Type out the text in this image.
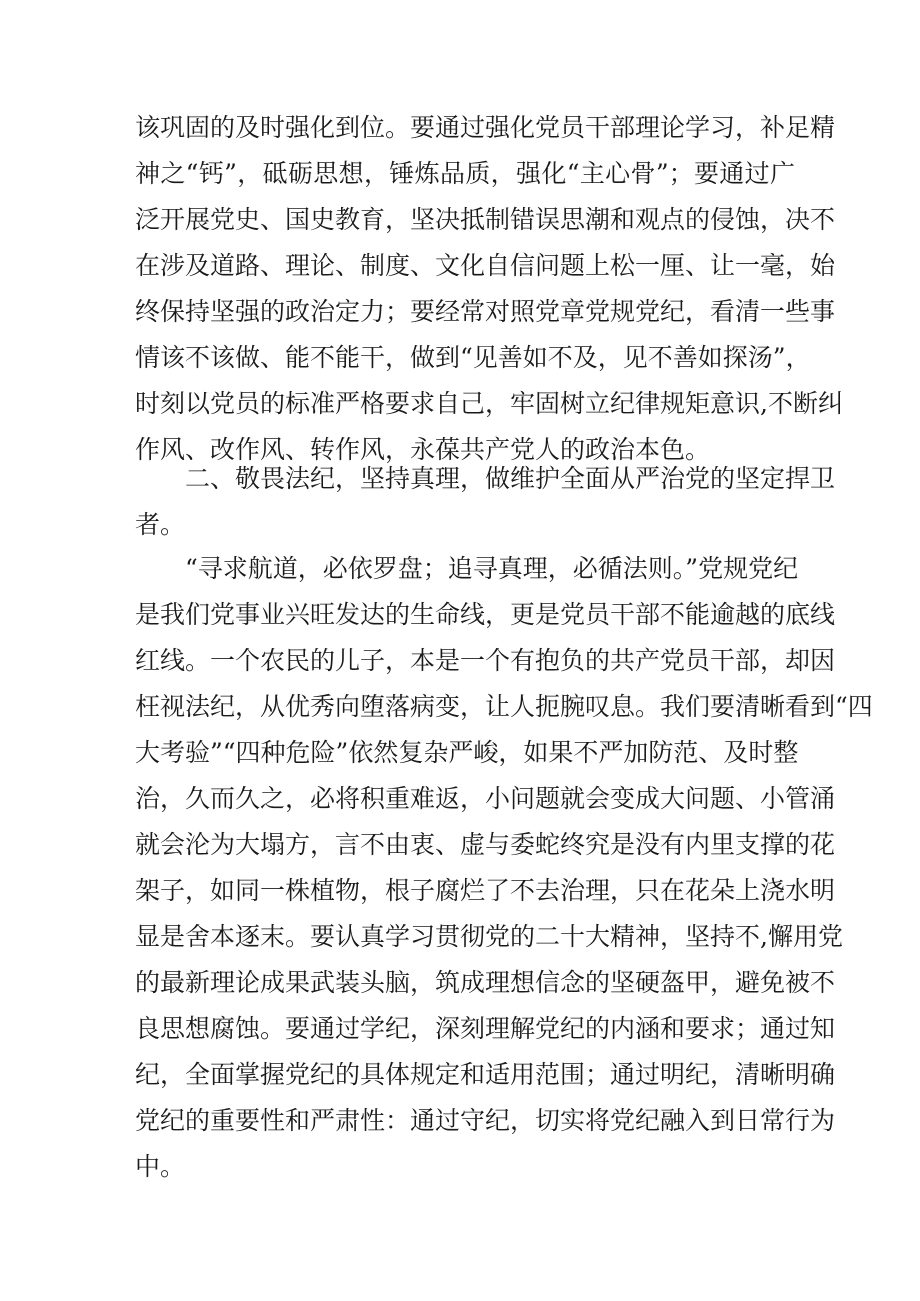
该巩固的及时强化到位。要通过强化党员干部理论学习，补足精
神之“钙”，砥砺思想，锤炼品质，强化“主心骨”；要通过广
泛开展党史、国史教育，坚决抵制错误思潮和观点的侵蚀，决不
在涉及道路、理论、制度、文化自信问题上松一厘、让一毫，始
终保持坚强的政治定力；要经常对照党章党规党纪，看清一些事
情该不该做、能不能干，做到“见善如不及，见不善如探汤”，
时刻以党员的标准严格要求自己，牢固树立纪律规矩意识,不断纠
作风、改作风、转作风，永葆共产党人的政治本色。
二、敬畏法纪，坚持真理，做维护全面从严治党的坚定捍卫
者。
“寻求航道，必依罗盘；追寻真理，必循法则。”党规党纪
是我们党事业兴旺发达的生命线，更是党员干部不能逾越的底线
红线。一个农民的儿子，本是一个有抱负的共产党员干部，却因
枉视法纪，从优秀向堕落病变，让人扼腕叹息。我们要清晰看到“四
大考验”“四种危险”依然复杂严峻，如果不严加防范、及时整
治，久而久之，必将积重难返，小问题就会变成大问题、小管涌
就会沦为大塌方，言不由衷、虚与委蛇终究是没有内里支撑的花
架子，如同一株植物，根子腐烂了不去治理，只在花朵上浇水明
显是舍本逐末。要认真学习贯彻党的二十大精神，坚持不,懈用党
的最新理论成果武装头脑，筑成理想信念的坚硬盔甲，避免被不
良思想腐蚀。要通过学纪，深刻理解党纪的内涵和要求；通过知
纪，全面掌握党纪的具体规定和适用范围；通过明纪，清晰明确
党纪的重要性和严肃性：通过守纪，切实将党纪融入到日常行为
中。
